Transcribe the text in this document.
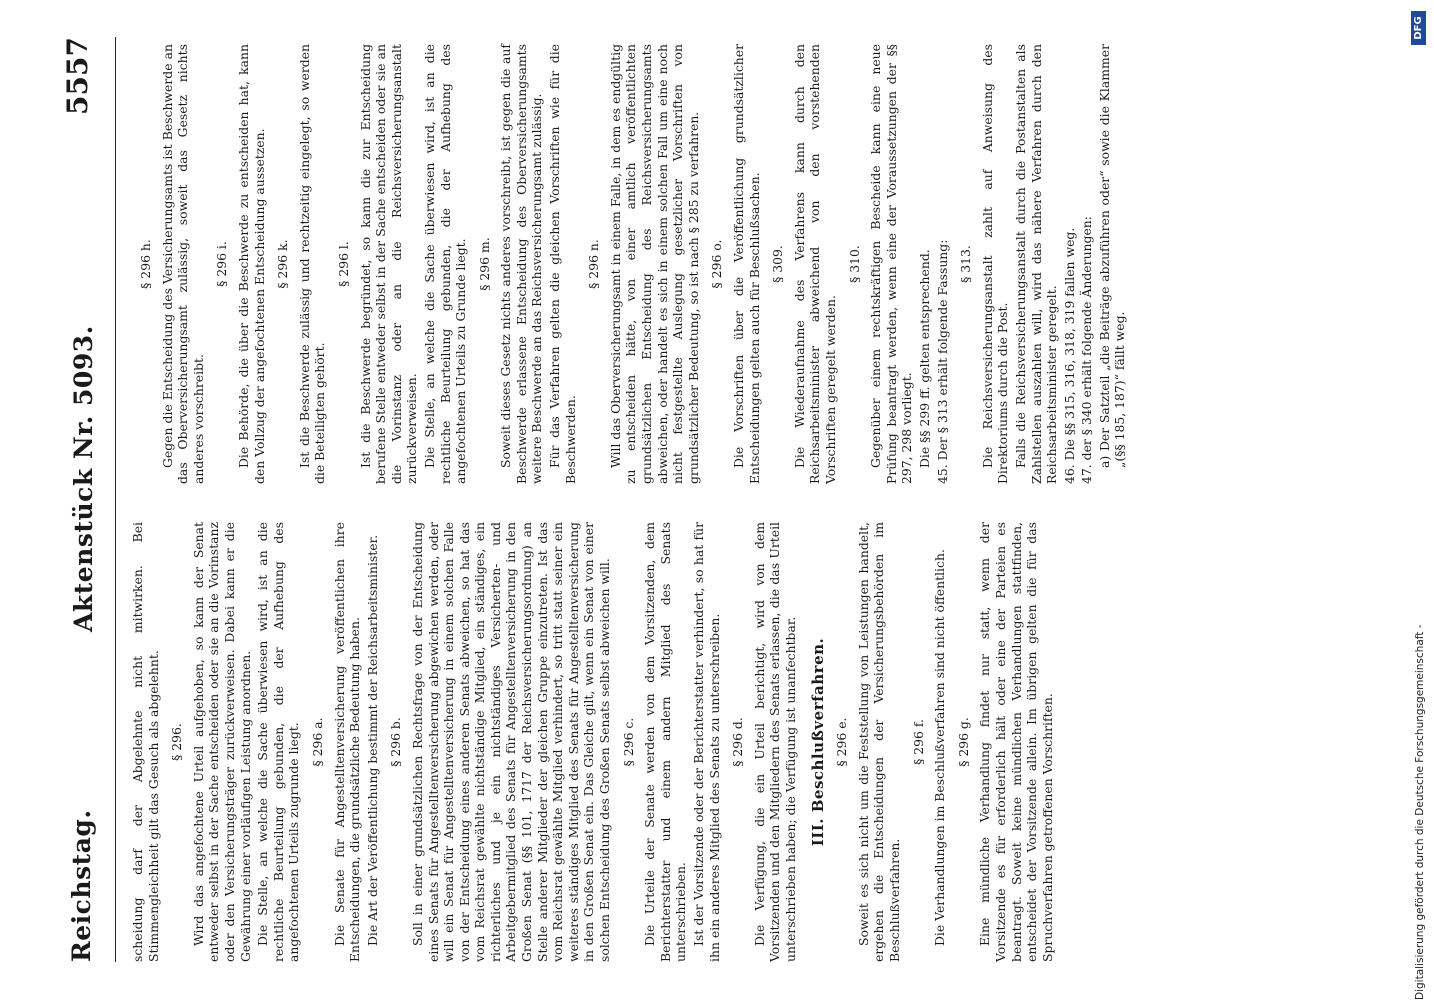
Reichstag.
Aktenstück Nr. 5093.
5557

scheidung darf der Abgelehnte nicht mitwirken. Bei Stimmengleichheit gilt das Gesuch als abgelehnt. § 296. Wird das angefochtene Urteil aufgehoben, so kann der Senat entweder selbst in der Sache entscheiden oder sie an die Vorinstanz oder den Versicherungsträger zurückverweisen. Dabei kann er die Gewährung einer vorläufigen Leistung anordnen. Die Stelle, an welche die Sache überwiesen wird, ist an die rechtliche Beurteilung gebunden, die der Aufhebung des angefochtenen Urteils zugrunde liegt. § 296 a. Die Senate für Angestelltenversicherung veröffentlichen ihre Entscheidungen, die grundsätzliche Bedeutung haben. Die Art der Veröffentlichung bestimmt der Reichsarbeitsminister. § 296 b. Soll in einer grundsätzlichen Rechtsfrage von der Entscheidung eines Senats für Angestelltenversicherung abgewichen werden, oder will ein Senat für Angestelltenversicherung in einem solchen Falle von der Entscheidung eines anderen Senats abweichen, so hat das vom Reichsrat gewählte nichtständige Mitglied, ein ständiges, ein richterliches und je ein nichtständiges Versicherten- und Arbeitgebermitglied des Senats für Angestelltenversicherung in den Großen Senat (§§ 101, 1717 der Reichsversicherungsordnung) an Stelle anderer Mitglieder der gleichen Gruppe einzutreten. Ist das vom Reichsrat gewählte Mitglied verhindert, so tritt statt seiner ein weiteres ständiges Mitglied des Senats für Angestelltenversicherung in den Großen Senat ein. Das Gleiche gilt, wenn ein Senat von einer solchen Entscheidung des Großen Senats selbst abweichen will. § 296 c. Die Urteile der Senate werden von dem Vorsitzenden, dem Berichterstatter und einem andern Mitglied des Senats unterschrieben. Ist der Vorsitzende oder der Berichterstatter verhindert, so hat für ihn ein anderes Mitglied des Senats zu unterschreiben. § 296 d. Die Verfügung, die ein Urteil berichtigt, wird von dem Vorsitzenden und den Mitgliedern des Senats erlassen, die das Urteil unterschrieben haben; die Verfügung ist unanfechtbar. III. Beschlußverfahren. § 296 e. Soweit es sich nicht um die Feststellung von Leistungen handelt, ergehen die Entscheidungen der Versicherungsbehörden im Beschlußverfahren.

§ 296 f. Die Verhandlungen im Beschlußverfahren sind nicht öffentlich. § 296 g. Eine mündliche Verhandlung findet nur statt, wenn der Vorsitzende es für erforderlich hält oder eine der Parteien es beantragt. Soweit keine mündlichen Verhandlungen stattfinden, entscheidet der Vorsitzende allein. Im übrigen gelten die für das Spruchverfahren getroffenen Vorschriften.

§ 296 h. Gegen die Entscheidung des Versicherungsamts ist Beschwerde an das Oberversicherungsamt zulässig, soweit das Gesetz nichts anderes vorschreibt.

§ 296 i. Die Behörde, die über die Beschwerde zu entscheiden hat, kann den Vollzug der angefochtenen Entscheidung aussetzen. § 296 k. Ist die Beschwerde zulässig und rechtzeitig eingelegt, so werden die Beteiligten gehört.

§ 296 l. Ist die Beschwerde begründet, so kann die zur Entscheidung berufene Stelle entweder selbst in der Sache entscheiden oder sie an die Vorinstanz oder an die Reichsversicherungsanstalt zurückverweisen. Die Stelle, an welche die Sache überwiesen wird, ist an die rechtliche Beurteilung gebunden, die der Aufhebung des angefochtenen Urteils zu Grunde liegt. § 296 m. Soweit dieses Gesetz nichts anderes vorschreibt, ist gegen die auf Beschwerde erlassene Entscheidung des Oberversicherungsamts weitere Beschwerde an das Reichsversicherungsamt zulässig. Für das Verfahren gelten die gleichen Vorschriften wie für die Beschwerden.

§ 296 n. Will das Oberversicherungsamt in einem Falle, in dem es endgültig zu entscheiden hätte, von einer amtlich veröffentlichten grundsätzlichen Entscheidung des Reichsversicherungsamts abweichen, oder handelt es sich in einem solchen Fall um eine noch nicht festgestellte Auslegung gesetzlicher Vorschriften von grundsätzlicher Bedeutung, so ist nach § 285 zu verfahren. § 296 o. Die Vorschriften über die Veröffentlichung grundsätzlicher Entscheidungen gelten auch für Beschlußsachen. § 309. Die Wiederaufnahme des Verfahrens kann durch den Reichsarbeitsminister abweichend von den vorstehenden Vorschriften geregelt werden.

§ 310. Gegenüber einem rechtskräftigen Bescheide kann eine neue Prüfung beantragt werden, wenn eine der Voraussetzungen der §§ 297, 298 vorliegt. Die §§ 299 ff. gelten entsprechend. 45. Der § 313 erhält folgende Fassung: § 313. Die Reichsversicherungsanstalt zahlt auf Anweisung des Direktoriums durch die Post. Falls die Reichsversicherungsanstalt durch die Postanstalten als Zahlstellen auszahlen will, wird das nähere Verfahren durch den Reichsarbeitsminister geregelt. 46. Die §§ 315, 316, 318, 319 fallen weg. 47. der § 340 erhält folgende Änderungen: a) Der Satzteil „die Beiträge abzuführen oder“ sowie die Klammer „(§§ 185, 187)“ fällt weg.

Digitalisierung gefördert durch die Deutsche Forschungsgemeinschaft -
DFG
